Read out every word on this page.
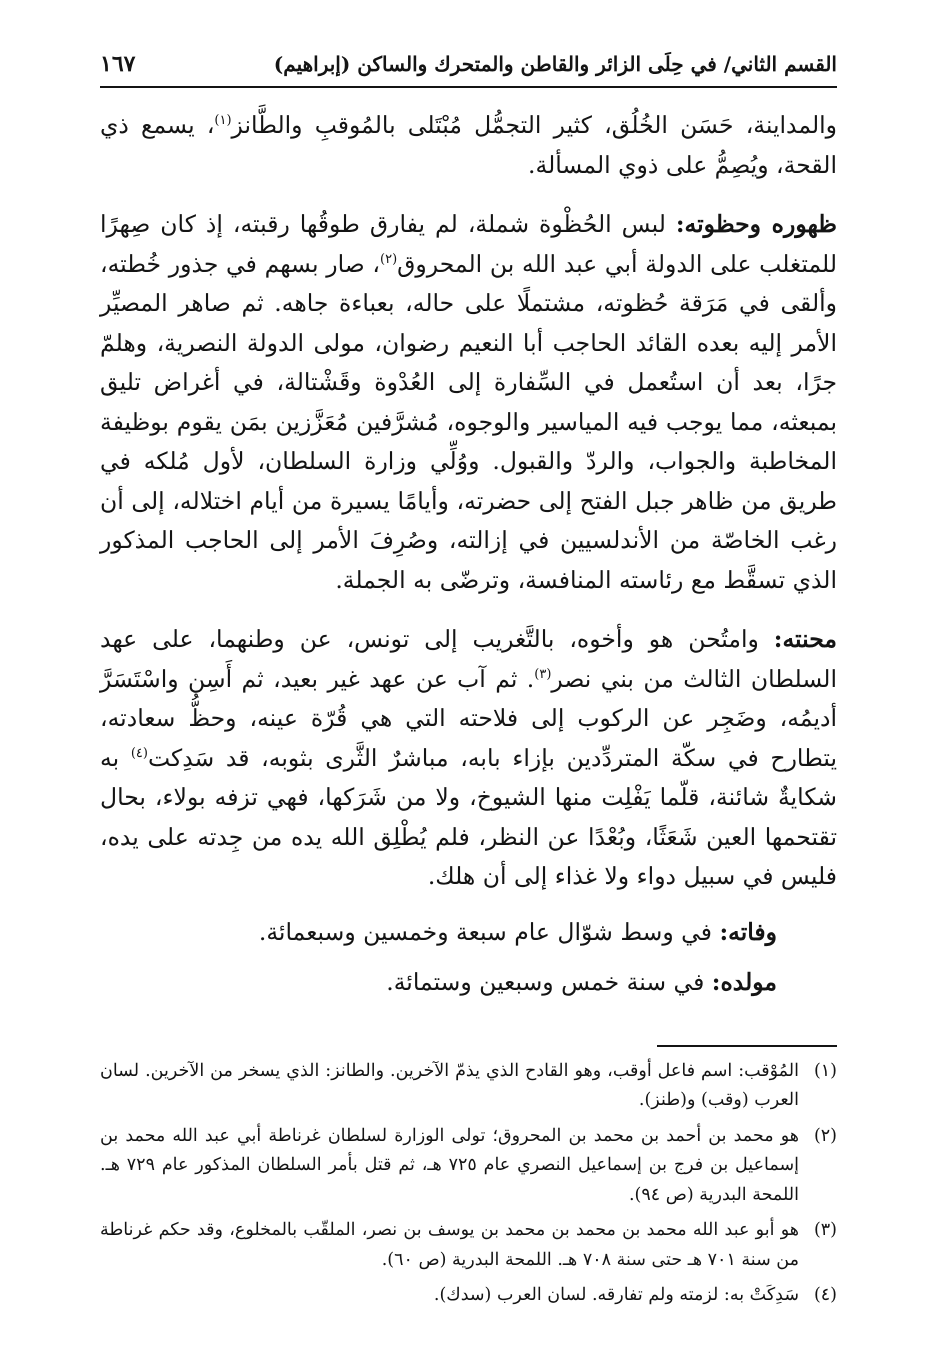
القسم الثاني/ في حِلَى الزائر والقاطن والمتحرك والساكن (إبراهيم)
١٦٧

والمداينة، حَسَن الخُلُق، كثير التجمُّل مُبْتَلى بالمُوقبِ والطَّانز$^{(١)}$، يسمع ذي القحة، ويُصِمُّ على ذوي المسألة.

ظهوره وحظوته: لبس الحُظْوة شملة، لم يفارق طوقُها رقبته، إذ كان صِهرًا للمتغلب على الدولة أبي عبد الله بن المحروق$^{(٢)}$، صار بسهم في جذور خُطته، وألقى في مَرَقة حُظوته، مشتملًا على حاله، بعباءة جاهه. ثم صاهر المصيِّر الأمر إليه بعده القائد الحاجب أبا النعيم رضوان، مولى الدولة النصرية، وهلمّ جرًا، بعد أن استُعمل في السِّفارة إلى العُدْوة وقَشْتالة، في أغراض تليق بمبعثه، مما يوجب فيه المياسير والوجوه، مُشرَّفين مُعَزَّزين بمَن يقوم بوظيفة المخاطبة والجواب، والردّ والقبول. ووُلِّي وزارة السلطان، لأول مُلكه في طريق من ظاهر جبل الفتح إلى حضرته، وأيامًا يسيرة من أيام اختلاله، إلى أن رغب الخاصّة من الأندلسيين في إزالته، وصُرِفَ الأمر إلى الحاجب المذكور الذي تسقَّط مع رئاسته المنافسة، وترضّى به الجملة.

محنته: وامتُحن هو وأخوه، بالتَّغريب إلى تونس، عن وطنهما، على عهد السلطان الثالث من بني نصر$^{(٣)}$. ثم آب عن عهد غير بعيد، ثم أَسِن واسْتَسَرَّ أديمُه، وضَجِر عن الركوب إلى فلاحته التي هي قُرّة عينه، وحظُّ سعادته، يتطارح في سكّة المتردِّدين بإزاء بابه، مباشرٌ الثَّرى بثوبه، قد سَدِكت$^{(٤)}$ به شكايةٌ شائنة، قلّما يَفْلِت منها الشيوخ، ولا من شَرَكها، فهي تزفه بولاء، بحال تقتحمها العين شَعَثًا، وبُعْدًا عن النظر، فلم يُطْلِق الله يده من جِدته على يده، فليس في سبيل دواء ولا غذاء إلى أن هلك.

وفاته: في وسط شوّال عام سبعة وخمسين وسبعمائة.

مولده: في سنة خمس وسبعين وستمائة.

(١)
المُوْقب: اسم فاعل أوقب، وهو القادح الذي يذمّ الآخرين. والطانز: الذي يسخر من الآخرين. لسان العرب (وقب) و(طنز).
(٢)
هو محمد بن أحمد بن محمد بن المحروق؛ تولى الوزارة لسلطان غرناطة أبي عبد الله محمد بن إسماعيل بن فرج بن إسماعيل النصري عام ٧٢٥ هـ، ثم قتل بأمر السلطان المذكور عام ٧٢٩ هـ. اللمحة البدرية (ص ٩٤).
(٣)
هو أبو عبد الله محمد بن محمد بن محمد بن يوسف بن نصر، الملقّب بالمخلوع، وقد حكم غرناطة من سنة ٧٠١ هـ حتى سنة ٧٠٨ هـ. اللمحة البدرية (ص ٦٠).
(٤)
سَدِكَتْ به: لزمته ولم تفارقه. لسان العرب (سدك).
